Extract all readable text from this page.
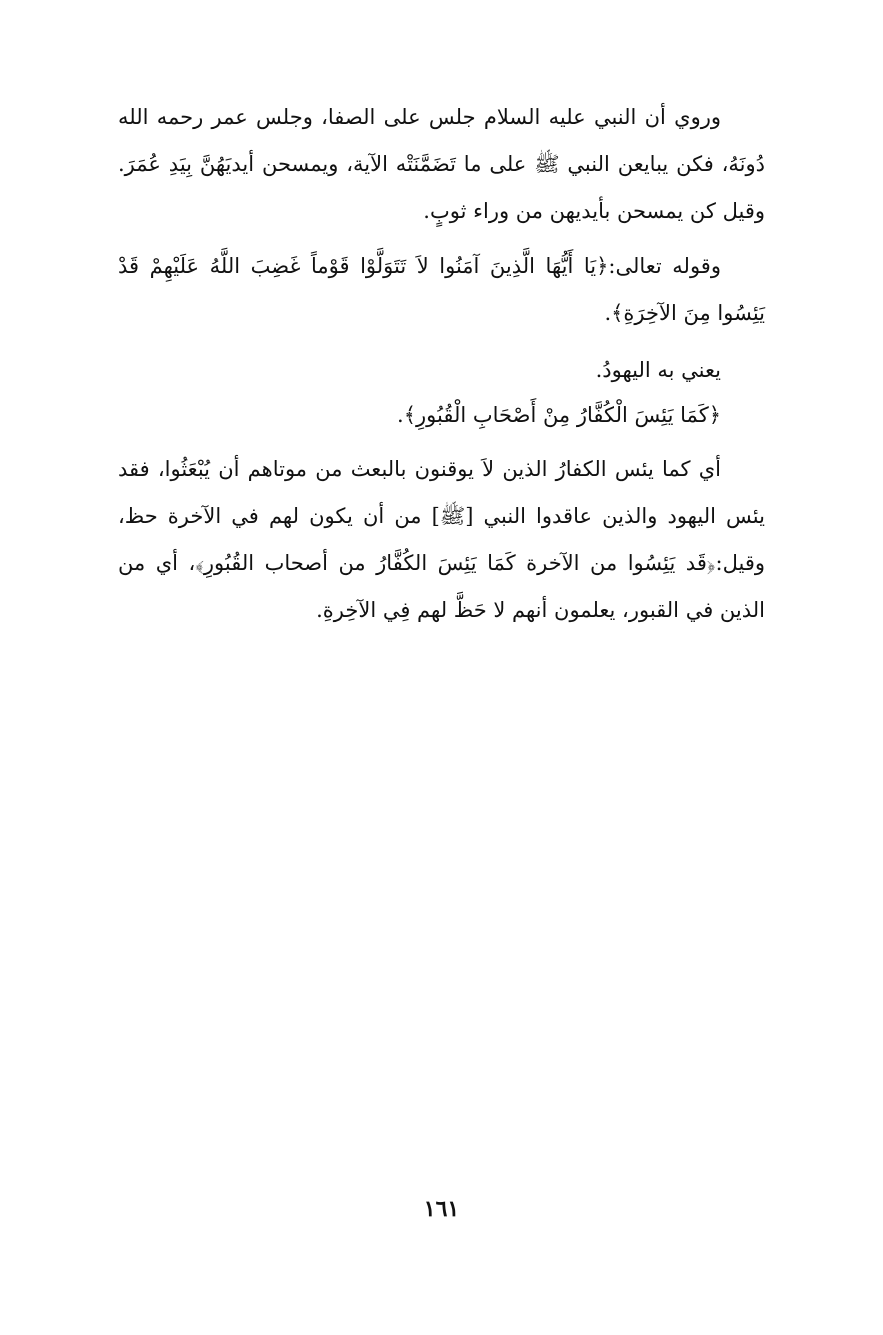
وروي أن النبي عليه السلام جلس على الصفا، وجلس عمر رحمه الله دُونَهُ، فكن يبايعن النبي ﷺ على ما تَضَمَّنَتْه الآية، ويمسحن أيديَهُنَّ بِيَدِ عُمَرَ. وقيل كن يمسحن بأيديهن من وراء ثوبٍ.

وقوله تعالى:﴿يَا أَيُّهَا الَّذِينَ آمَنُوا لاَ تَتَوَلَّوْا قَوْماً غَضِبَ اللَّهُ عَلَيْهِمْ قَدْ يَئِسُوا مِنَ الآخِرَةِ﴾.

يعني به اليهودُ.

﴿كَمَا يَئِسَ الْكُفَّارُ مِنْ أَصْحَابِ الْقُبُورِ﴾.

أي كما يئس الكفارُ الذين لاَ يوقنون بالبعث من موتاهم أن يُبْعَثُوا، فقد يئس اليهود والذين عاقدوا النبي [ﷺ] من أن يكون لهم في الآخرة حظ، وقيل:﴿قَد يَئِسُوا من الآخرة كَمَا يَئِسَ الكُفَّارُ من أصحاب القُبُورِ﴾، أي من الذين في القبور، يعلمون أنهم لا حَظَّ لهم فِي الآخِرةِ.

١٦١
